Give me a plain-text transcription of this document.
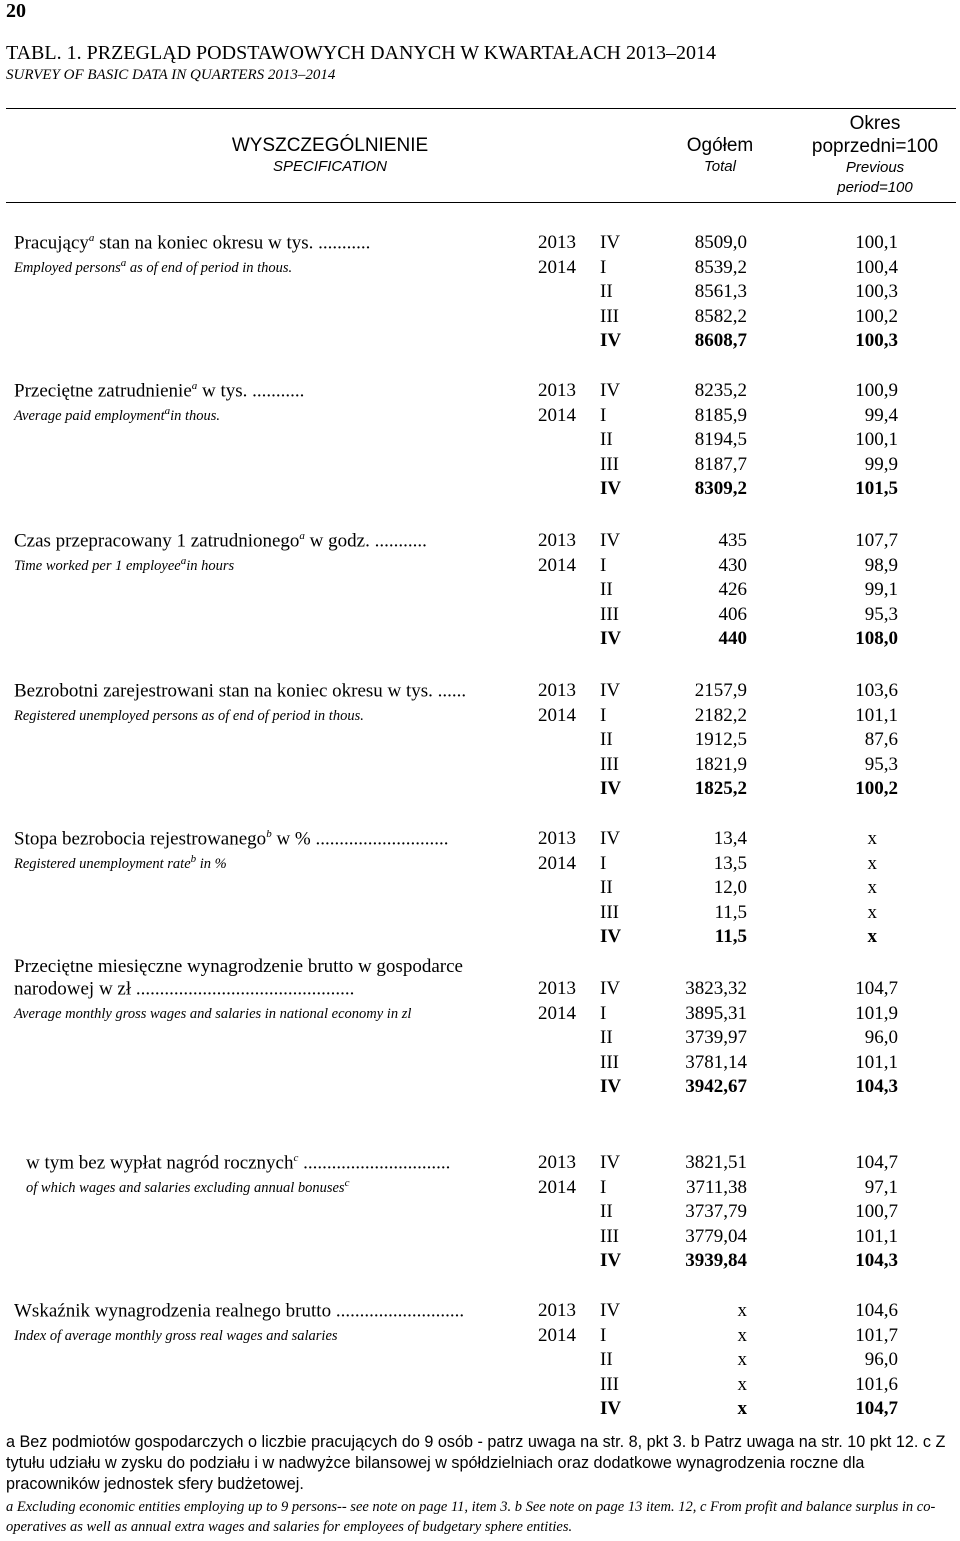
20
TABL. 1. PRZEGLĄD PODSTAWOWYCH DANYCH W KWARTAŁACH 2013–2014
SURVEY OF BASIC DATA IN QUARTERS 2013–2014
WYSZCZEGÓLNIENIE
SPECIFICATION
Ogółem
Total
Okres
poprzedni=100
Previous
period=100
Pracujący$^a$ stan na koniec okresu w tys. ...........
Employed persons$^a$ as of end of period in thous.
2013 IV	8509,0	100,1
2014 I	8539,2	100,4
II	8561,3	100,3
III	8582,2	100,2
IV	8608,7	100,3
Przeciętne zatrudnienie$^a$ w tys. ...........
Average paid employment$^a$in thous.
2013 IV	8235,2	100,9
2014 I	8185,9	99,4
II	8194,5	100,1
III	8187,7	99,9
IV	8309,2	101,5
Czas przepracowany 1 zatrudnionego$^a$ w godz. ...........
Time worked per 1 employee$^a$in hours
2013 IV	435	107,7
2014 I	430	98,9
II	426	99,1
III	406	95,3
IV	440	108,0
Bezrobotni zarejestrowani stan na koniec okresu w tys. ......
Registered unemployed persons as of end of period in thous.
2013 IV	2157,9	103,6
2014 I	2182,2	101,1
II	1912,5	87,6
III	1821,9	95,3
IV	1825,2	100,2
Stopa bezrobocia rejestrowanego$^b$ w % ............................
Registered unemployment rate$^b$ in %
2013 IV	13,4	x
2014 I	13,5	x
II	12,0	x
III	11,5	x
IV	11,5	x
Przeciętne miesięczne wynagrodzenie brutto w gospodarce
narodowej w zł ..............................................
Average monthly gross wages and salaries in national economy in zl
2013 IV	3823,32	104,7
2014 I	3895,31	101,9
II	3739,97	96,0
III	3781,14	101,1
IV	3942,67	104,3
w tym bez wypłat nagród rocznych$^c$ ...............................
of which wages and salaries excluding annual bonuses$^c$
2013 IV	3821,51	104,7
2014 I	3711,38	97,1
II	3737,79	100,7
III	3779,04	101,1
IV	3939,84	104,3
Wskaźnik wynagrodzenia realnego brutto ...........................
Index of average monthly gross real wages and salaries
2013 IV	x	104,6
2014 I	x	101,7
II	x	96,0
III	x	101,6
IV	x	104,7
a Bez podmiotów gospodarczych o liczbie pracujących do 9 osób - patrz uwaga na str. 8, pkt 3. b Patrz uwaga na str. 10 pkt 12. c Z tytułu udziału w zysku do podziału i w nadwyżce bilansowej w spółdzielniach oraz dodatkowe wynagrodzenia roczne dla pracowników jednostek sfery budżetowej.
a Excluding economic entities employing up to 9 persons-- see note on page 11, item 3. b See note on page 13 item. 12, c From profit and balance surplus in co-operatives as well as annual extra wages and salaries for employees of budgetary sphere entities.
